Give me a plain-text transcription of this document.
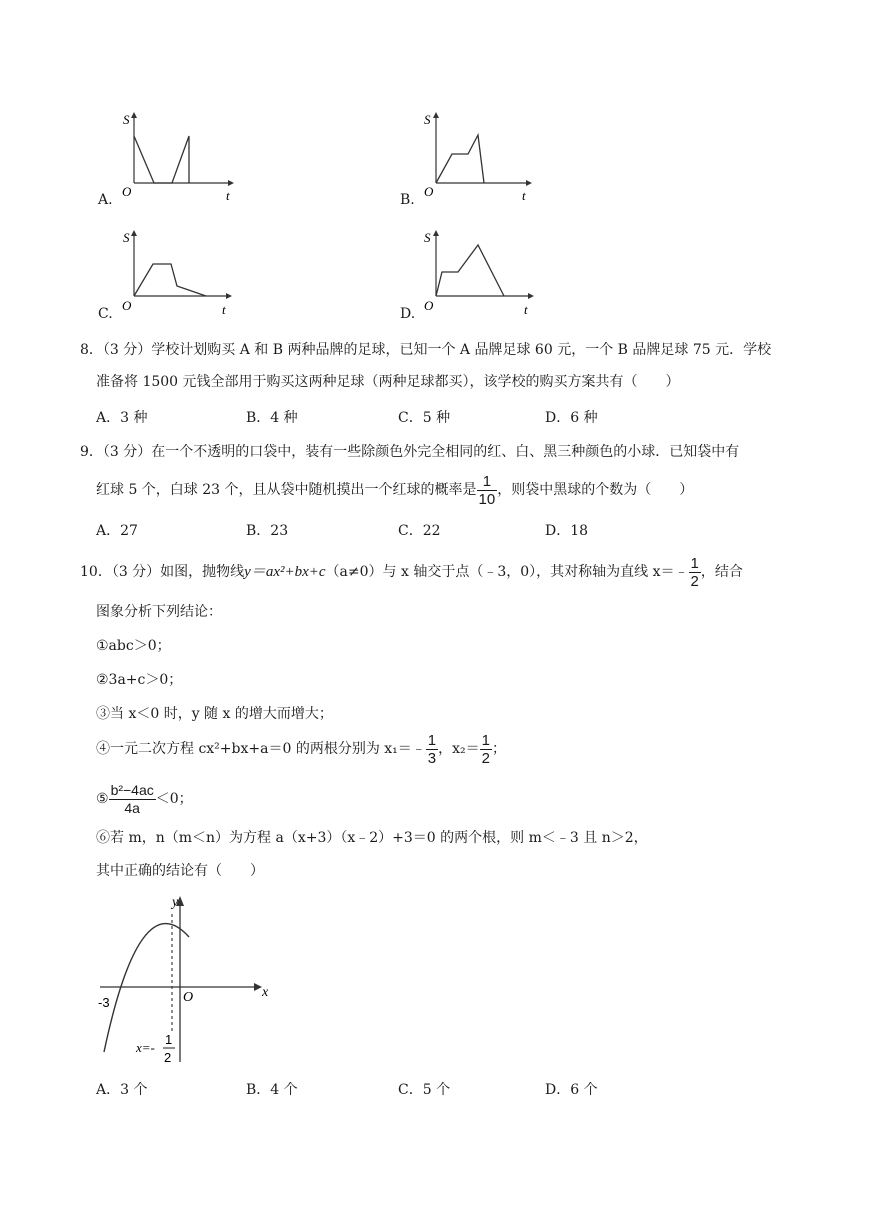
A.
S
O	t	B.
S
O	t
C.
S
O	t	D.
S
O	t
8．（3 分）学校计划购买 A 和 B 两种品牌的足球，已知一个 A 品牌足球 60 元，一个 B 品牌足球 75 元．学校
准备将 1500 元钱全部用于购买这两种足球（两种足球都买），该学校的购买方案共有（　　）
A．3 种	B．4 种	C．5 种	D．6 种
9．（3 分）在一个不透明的口袋中，装有一些除颜色外完全相同的红、白、黑三种颜色的小球．已知袋中有
红球 5 个，白球 23 个，且从袋中随机摸出一个红球的概率是 $\frac{1}{10}$ ，则袋中黑球的个数为（　　）
A．27	B．23	C．22	D．18
10．（3 分）如图，抛物线 y＝ax²+bx+c （a≠0）与 x 轴交于点（﹣3，0），其对称轴为直线 x＝﹣ $\frac{1}{2}$ ，结合
图象分析下列结论：
①abc＞0；
②3a+c＞0；
③当 x＜0 时，y 随 x 的增大而增大；
④一元二次方程 cx²+bx+a＝0 的两根分别为 x₁＝﹣ $\frac{1}{3}$ ，$x_2= \frac{1}{2}$ ；
⑤ $\frac{\text{b²−4ac}}{4a} <0$；
⑥若 m，n（m＜n）为方程 a（x+3）（x﹣2）+3＝0 的两个根，则 m＜﹣3 且 n＞2，
其中正确的结论有（　　）
y
x
O
-3
x=-
1
2
A．3 个	B．4 个	C．5 个	D．6 个
